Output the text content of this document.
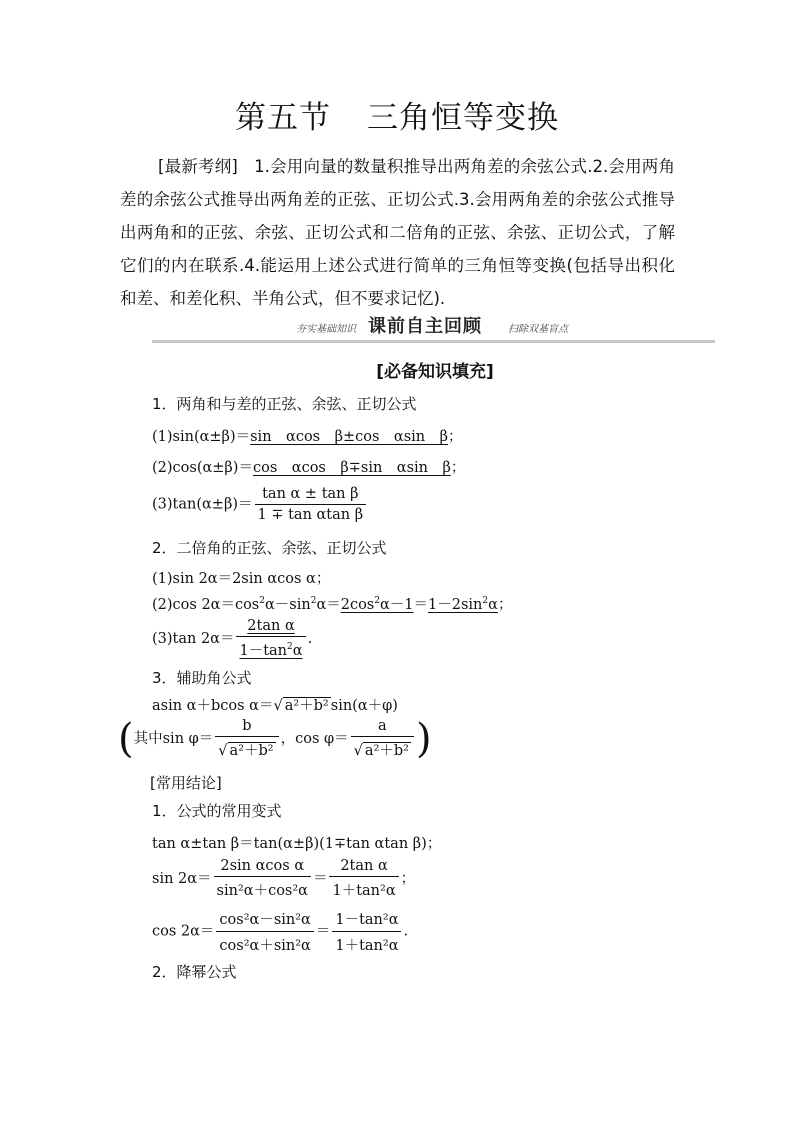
第五节 三角恒等变换
[最新考纲] 1.会用向量的数量积推导出两角差的余弦公式.2.会用两角差的余弦公式推导出两角差的正弦、正切公式.3.会用两角差的余弦公式推导出两角和的正弦、余弦、正切公式和二倍角的正弦、余弦、正切公式，了解它们的内在联系.4.能运用上述公式进行简单的三角恒等变换(包括导出积化和差、和差化积、半角公式，但不要求记忆).
夯实基础知识 课前自主回顾	扫除双基盲点
[必备知识填充]
1．两角和与差的正弦、余弦、正切公式
(1)sin(α±β)＝sin　αcos　β±cos　αsin　β；
(2)cos(α±β)＝cos　αcos　β∓sin　αsin　β；
$(3)\tan(\alpha\pm\beta)= \frac{\text{tan α ± tan β}}{\text{1 ∓ tan αtan β}}$
2．二倍角的正弦、余弦、正切公式
(1)sin 2α＝2sin αcos α；
(2)cos $2\alpha=\cos^2\alpha-\sin^2\alpha=2\cos^2\alpha-1=1-2\sin^2\alpha$；
(3)tan $2\alpha= \frac{\text{2tan α}}{1-\tan^2\alpha}$ .
3．辅助角公式
asin α＋bcos α＝√ a²＋b² sin(α＋φ)
(其中$\sin \varphi= \frac{b}{\text{√ a²＋b²}}$ ，$\cos \varphi= \frac{a}{\text{√ a²＋b²}}$ )
[常用结论]
1．公式的常用变式
tan α±tan β＝tan(α±β)(1∓tan αtan β)；
$\sin 2\alpha= \frac{\text{2sin αcos α}}{\text{sin²α＋cos²α}} = \frac{\text{2tan α}}{\text{1＋tan²α}}$ ；
$\cos 2\alpha= \frac{\text{cos²α－sin²α}}{\text{cos²α＋sin²α}} = \frac{\text{1－tan²α}}{\text{1＋tan²α}}$ .
2．降幂公式
